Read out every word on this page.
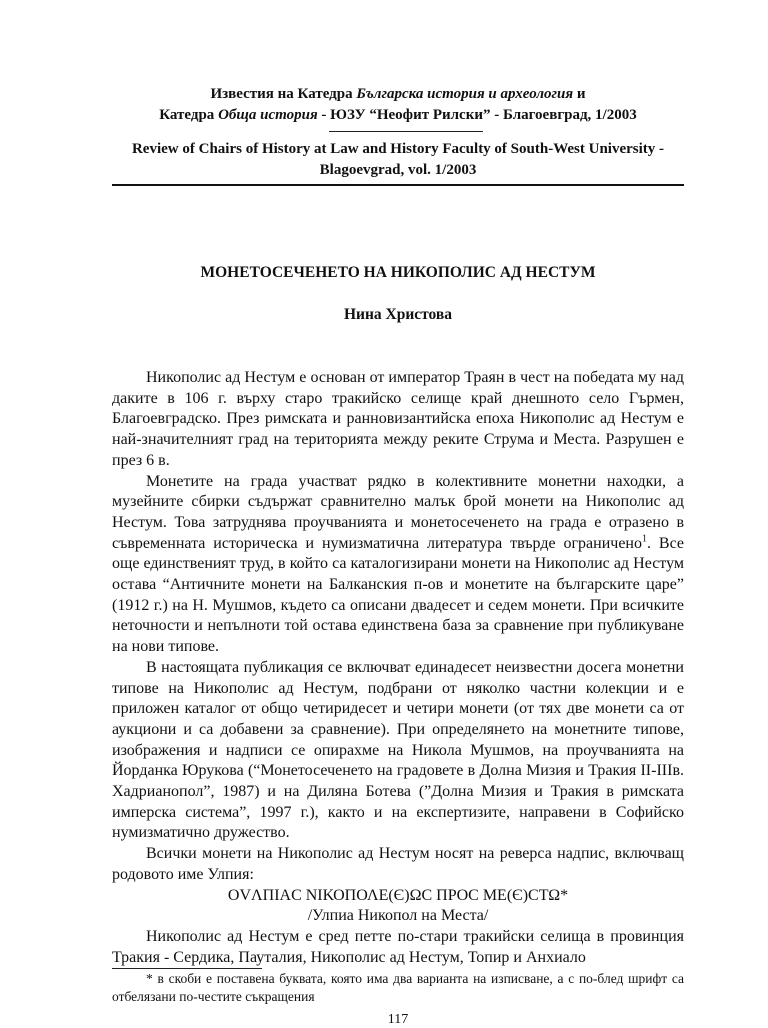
Известия на Катедра Българска история и археология и
Катедра Обща история - ЮЗУ “Неофит Рилски” - Благоевград, 1/2003
Review of Chairs of History at Law and History Faculty of South-West University - Blagoevgrad, vol. 1/2003
МОНЕТОСЕЧЕНЕТО НА НИКОПОЛИС АД НЕСТУМ
Нина Христова

Никополис ад Нестум е основан от император Траян в чест на победата му над даките в 106 г. върху старо тракийско селище край днешното село Гърмен, Благоевградско. През римската и ранновизантийска епоха Никополис ад Нестум е най-значителният град на територията между реките Струма и Места. Разрушен е през 6 в.

Монетите на града участват рядко в колективните монетни находки, а музейните сбирки съдържат сравнително малък брой монети на Никополис ад Нестум. Това затруднява проучванията и монетосеченето на града е отразено в съвременната историческа и нумизматична литература твърде ограничено$^1$. Все още единственият труд, в който са каталогизирани монети на Никополис ад Нестум остава “Античните монети на Балканския п-ов и монетите на българските царе” (1912 г.) на Н. Мушмов, където са описани двадесет и седем монети. При всичките неточности и непълноти той остава единствена база за сравнение при публикуване на нови типове.

В настоящата публикация се включват единадесет неизвестни досега монетни типове на Никополис ад Нестум, подбрани от няколко частни колекции и е приложен каталог от общо четиридесет и четири монети (от тях две монети са от аукциони и са добавени за сравнение). При определянето на монетните типове, изображения и надписи се опирахме на Никола Мушмов, на проучванията на Йорданка Юрукова (“Монетосеченето на градовете в Долна Мизия и Тракия II-IIIв. Хадрианопол”, 1987) и на Диляна Ботева (”Долна Мизия и Тракия в римската имперска система”, 1997 г.), както и на експертизите, направени в Софийско нумизматично дружество.

Всички монети на Никополис ад Нестум носят на реверса надпис, включващ родовото име Улпия:

ΟVΛΠΙΑC ΝΙΚΟΠΟΛΕ(Є)ΩC ΠΡΟC ΜΕ(Є)CΤΩ*

/Улпиа Никопол на Места/

Никополис ад Нестум е сред петте по-стари тракийски селища в провинция Тракия - Сердика, Пауталия, Никополис ад Нестум, Топир и Анхиало

* в скоби е поставена буквата, която има два варианта на изписване, а с по-блед шрифт са отбелязани по-честите съкращения

117
